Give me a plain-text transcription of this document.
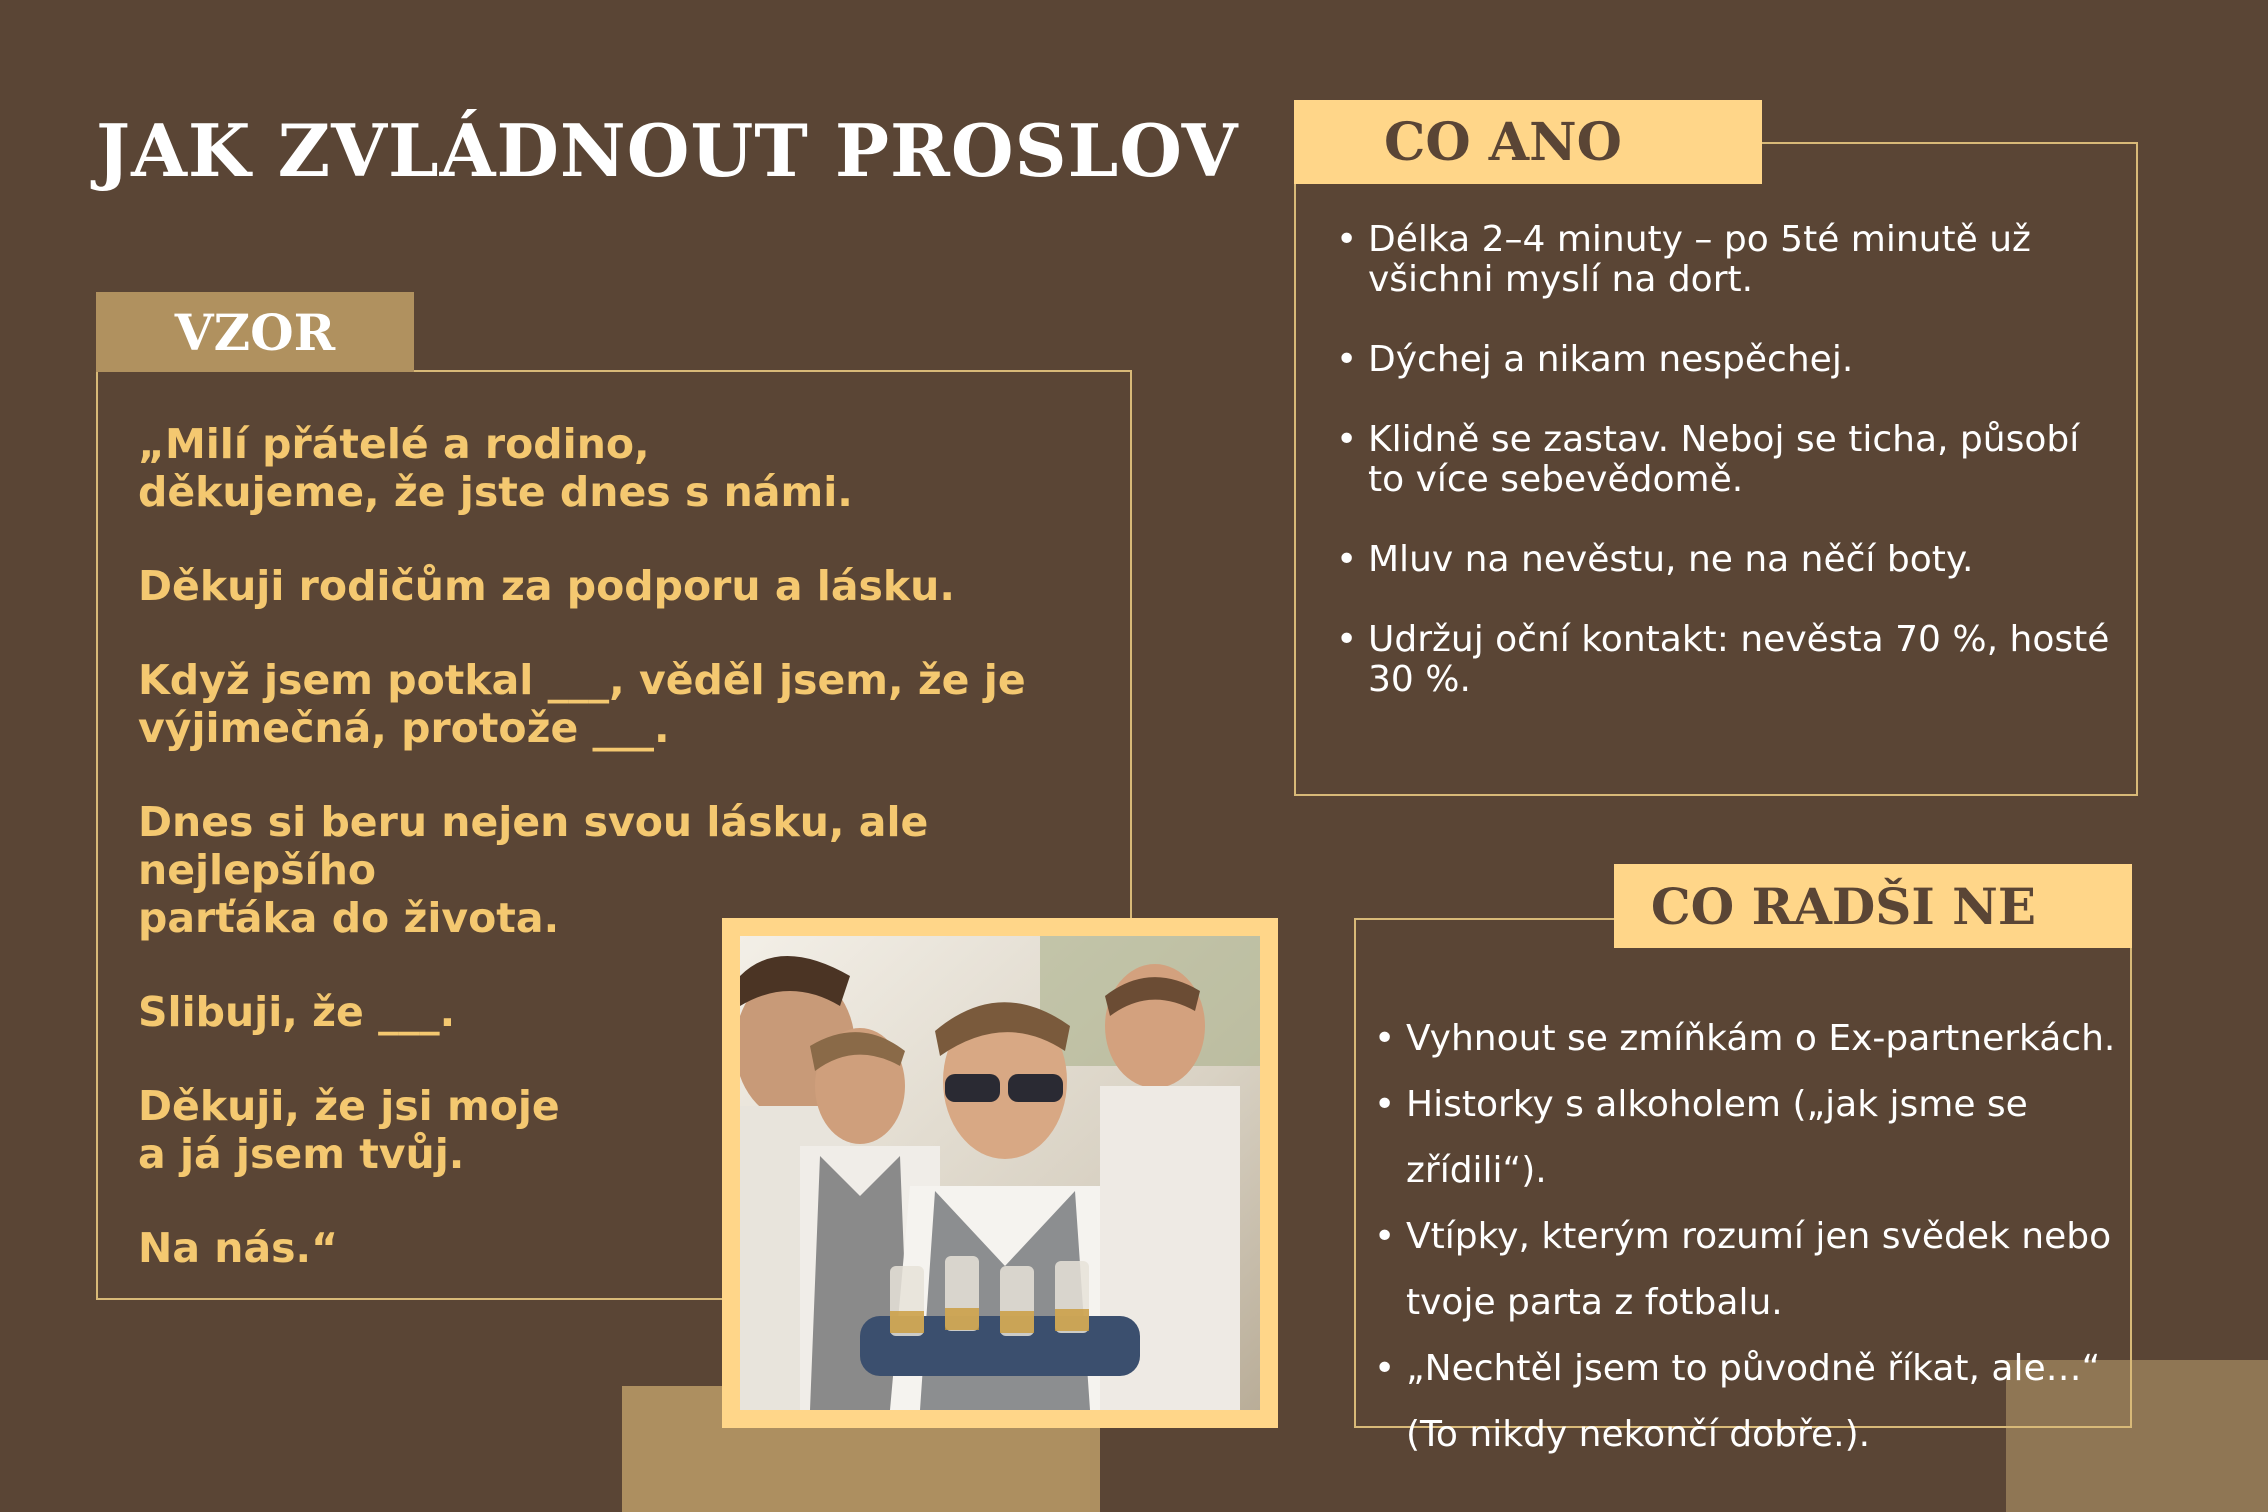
JAK ZVLÁDNOUT PROSLOV
VZOR
„Milí přátelé a rodino,
děkujeme, že jste dnes s námi.
Děkuji rodičům za podporu a lásku.
Když jsem potkal ___, věděl jsem, že je
výjimečná, protože ___.
Dnes si beru nejen svou lásku, ale nejlepšího
parťáka do života.
Slibuji, že ___.
Děkuji, že jsi moje
a já jsem tvůj.
Na nás.“
CO ANO
• Délka 2–4 minuty – po 5té minutě už všichni myslí na dort.
• Dýchej a nikam nespěchej.
• Klidně se zastav. Neboj se ticha, působí to více sebevědomě.
• Mluv na nevěstu, ne na něčí boty.
• Udržuj oční kontakt: nevěsta 70 %, hosté 30 %.
CO RADŠI NE
• Vyhnout se zmíňkám o Ex-partnerkách.
• Historky s alkoholem („jak jsme se zřídili“).
• Vtípky, kterým rozumí jen svědek nebo tvoje parta z fotbalu.
• „Nechtěl jsem to původně říkat, ale…“ (To nikdy nekončí dobře.).
